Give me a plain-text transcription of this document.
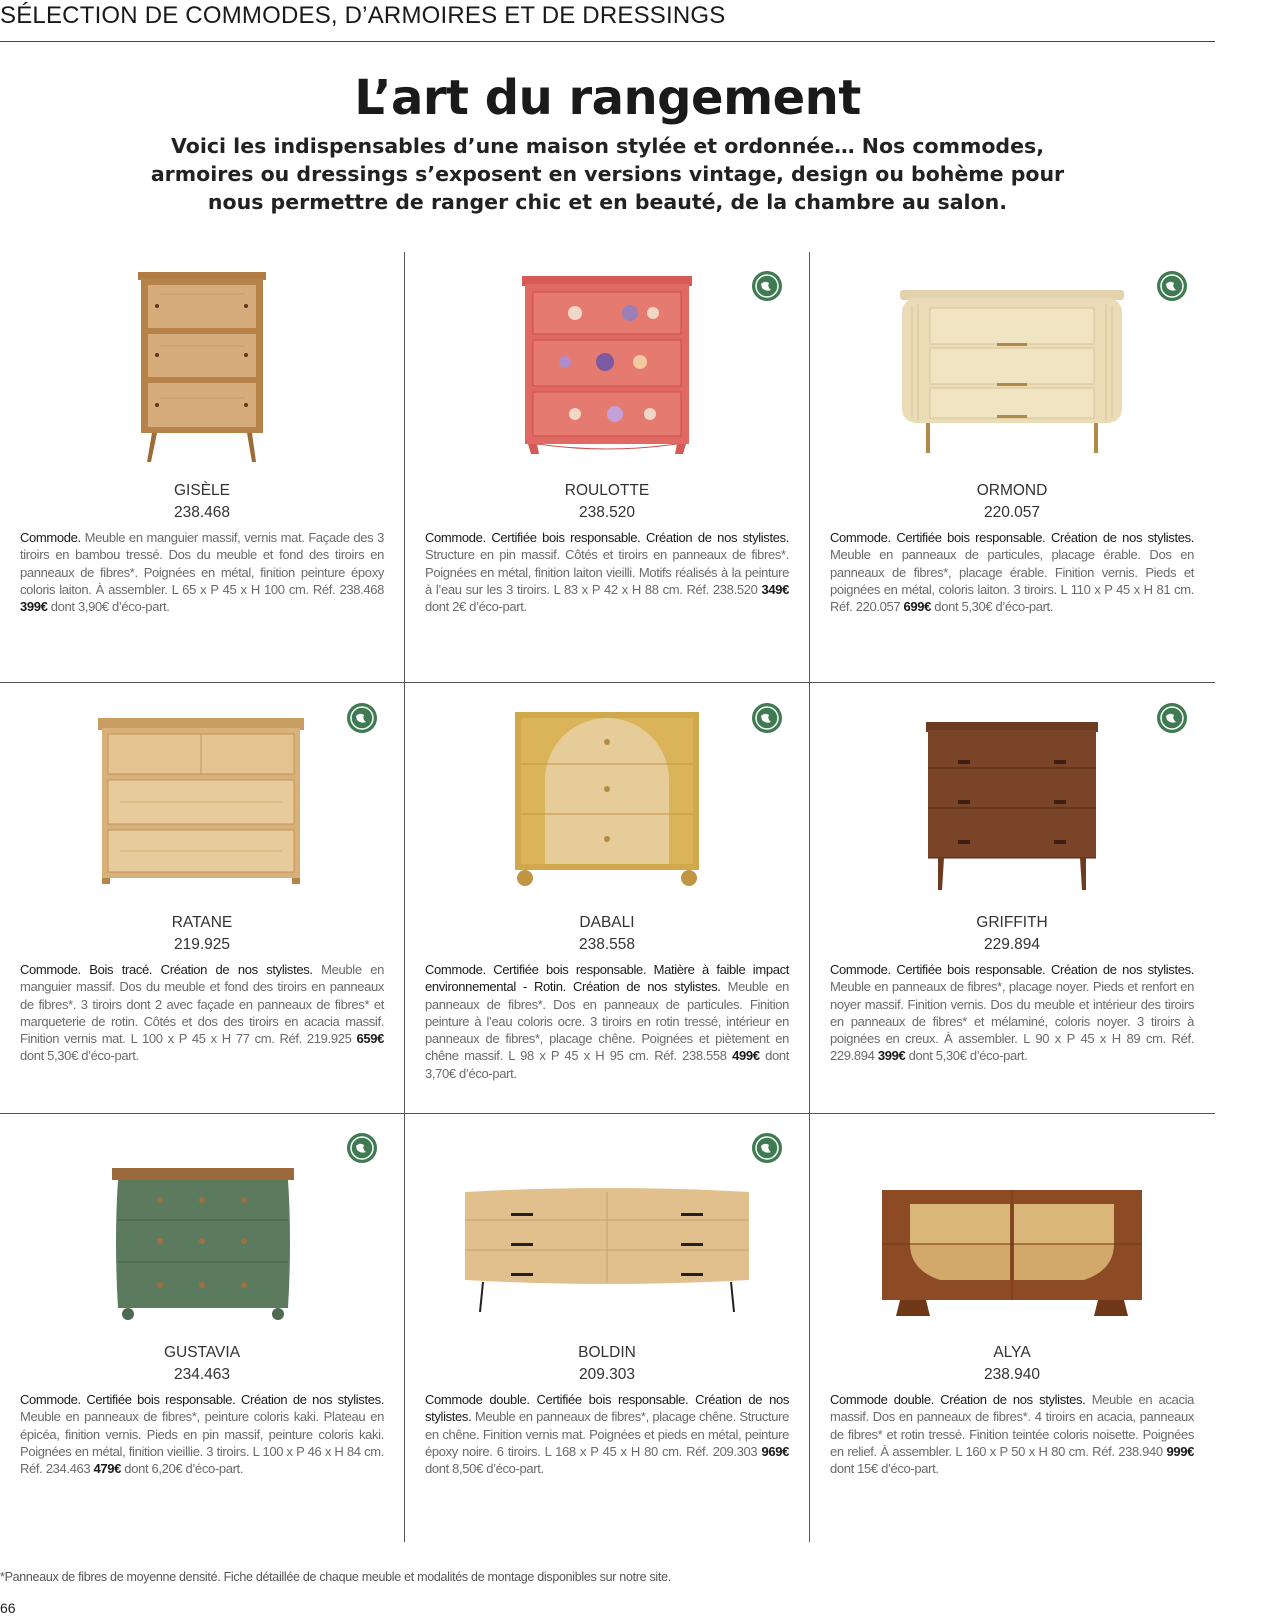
SÉLECTION DE COMMODES, D’ARMOIRES ET DE DRESSINGS
L’art du rangement

Voici les indispensables d’une maison stylée et ordonnée… Nos commodes, armoires ou dressings s’exposent en versions vintage, design ou bohème pour nous permettre de ranger chic et en beauté, de la chambre au salon.

GISÈLE
238.468

Commode. Meuble en manguier massif, vernis mat. Façade des 3 tiroirs en bambou tressé. Dos du meuble et fond des tiroirs en panneaux de fibres*. Poignées en métal, finition peinture époxy coloris laiton. À assembler. L 65 x P 45 x H 100 cm. Réf. 238.468 399€ dont 3,90€ d’éco-part.

ROULOTTE
238.520

Commode. Certifiée bois responsable. Création de nos stylistes. Structure en pin massif. Côtés et tiroirs en panneaux de fibres*. Poignées en métal, finition laiton vieilli. Motifs réalisés à la peinture à l’eau sur les 3 tiroirs. L 83 x P 42 x H 88 cm. Réf. 238.520 349€ dont 2€ d’éco-part.

ORMOND
220.057

Commode. Certifiée bois responsable. Création de nos stylistes. Meuble en panneaux de particules, placage érable. Dos en panneaux de fibres*, placage érable. Finition vernis. Pieds et poignées en métal, coloris laiton. 3 tiroirs. L 110 x P 45 x H 81 cm. Réf. 220.057 699€ dont 5,30€ d’éco-part.

RATANE
219.925

Commode. Bois tracé. Création de nos stylistes. Meuble en manguier massif. Dos du meuble et fond des tiroirs en panneaux de fibres*. 3 tiroirs dont 2 avec façade en panneaux de fibres* et marqueterie de rotin. Côtés et dos des tiroirs en acacia massif. Finition vernis mat. L 100 x P 45 x H 77 cm. Réf. 219.925 659€ dont 5,30€ d’éco-part.

DABALI
238.558

Commode. Certifiée bois responsable. Matière à faible impact environnemental - Rotin. Création de nos stylistes. Meuble en panneaux de fibres*. Dos en panneaux de particules. Finition peinture à l’eau coloris ocre. 3 tiroirs en rotin tressé, intérieur en panneaux de fibres*, placage chêne. Poignées et piètement en chêne massif. L 98 x P 45 x H 95 cm. Réf. 238.558 499€ dont 3,70€ d’éco-part.

GRIFFITH
229.894

Commode. Certifiée bois responsable. Création de nos stylistes. Meuble en panneaux de fibres*, placage noyer. Pieds et renfort en noyer massif. Finition vernis. Dos du meuble et intérieur des tiroirs en panneaux de fibres* et mélaminé, coloris noyer. 3 tiroirs à poignées en creux. À assembler. L 90 x P 45 x H 89 cm. Réf. 229.894 399€ dont 5,30€ d’éco-part.

GUSTAVIA
234.463

Commode. Certifiée bois responsable. Création de nos stylistes. Meuble en panneaux de fibres*, peinture coloris kaki. Plateau en épicéa, finition vernis. Pieds en pin massif, peinture coloris kaki. Poignées en métal, finition vieillie. 3 tiroirs. L 100 x P 46 x H 84 cm. Réf. 234.463 479€ dont 6,20€ d’éco-part.

BOLDIN
209.303

Commode double. Certifiée bois responsable. Création de nos stylistes. Meuble en panneaux de fibres*, placage chêne. Structure en chêne. Finition vernis mat. Poignées et pieds en métal, peinture époxy noire. 6 tiroirs. L 168 x P 45 x H 80 cm. Réf. 209.303 969€ dont 8,50€ d’éco-part.

ALYA
238.940

Commode double. Création de nos stylistes. Meuble en acacia massif. Dos en panneaux de fibres*. 4 tiroirs en acacia, panneaux de fibres* et rotin tressé. Finition teintée coloris noisette. Poignées en relief. À assembler. L 160 x P 50 x H 80 cm. Réf. 238.940 999€ dont 15€ d’éco-part.

*Panneaux de fibres de moyenne densité. Fiche détaillée de chaque meuble et modalités de montage disponibles sur notre site.
66
